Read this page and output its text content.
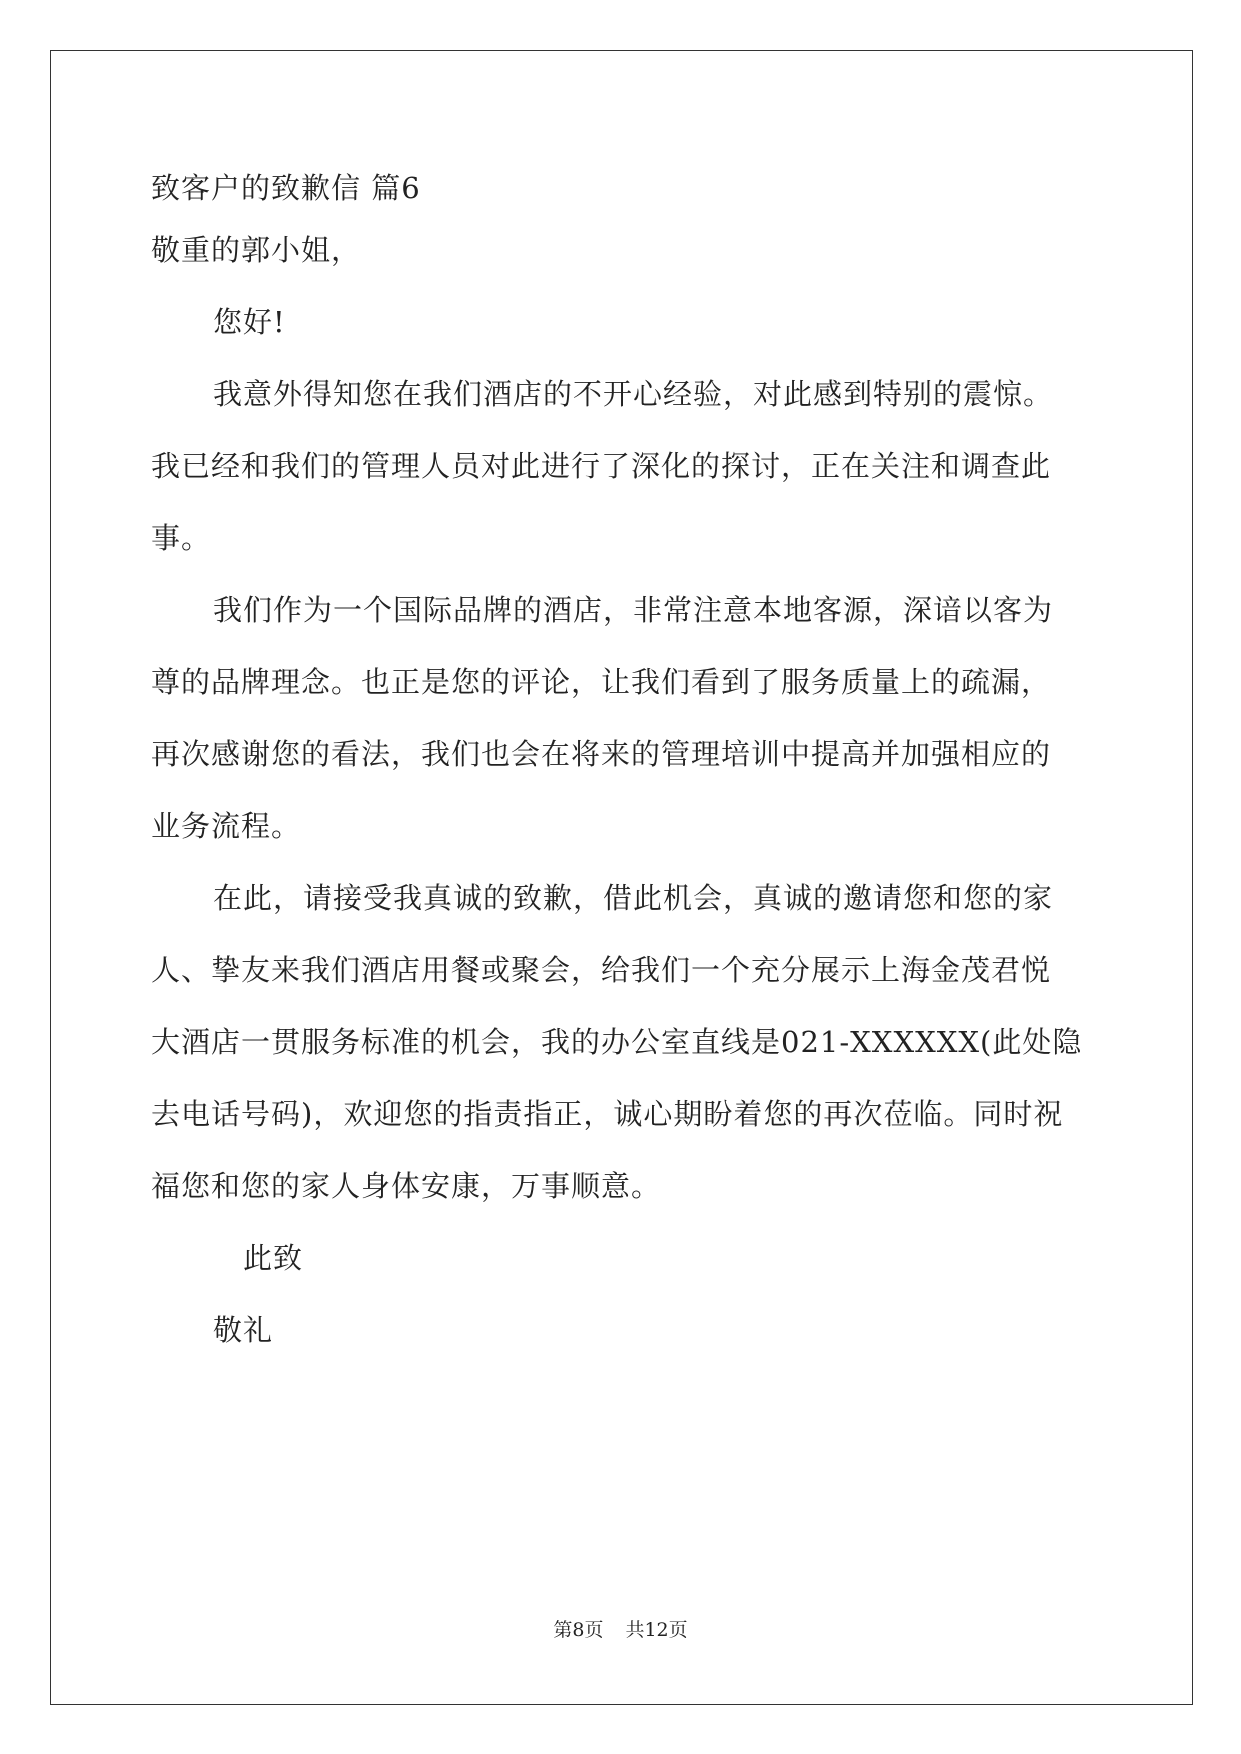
致客户的致歉信 篇6
敬重的郭小姐，
您好!
我意外得知您在我们酒店的不开心经验，对此感到特别的震惊。
我已经和我们的管理人员对此进行了深化的探讨，正在关注和调查此
事。
我们作为一个国际品牌的酒店，非常注意本地客源，深谙以客为
尊的品牌理念。也正是您的评论，让我们看到了服务质量上的疏漏，
再次感谢您的看法，我们也会在将来的管理培训中提高并加强相应的
业务流程。
在此，请接受我真诚的致歉，借此机会，真诚的邀请您和您的家
人、挚友来我们酒店用餐或聚会，给我们一个充分展示上海金茂君悦
大酒店一贯服务标准的机会，我的办公室直线是021-XXXXXX(此处隐
去电话号码)，欢迎您的指责指正，诚心期盼着您的再次莅临。同时祝
福您和您的家人身体安康，万事顺意。
此致
敬礼
第8页 共12页
